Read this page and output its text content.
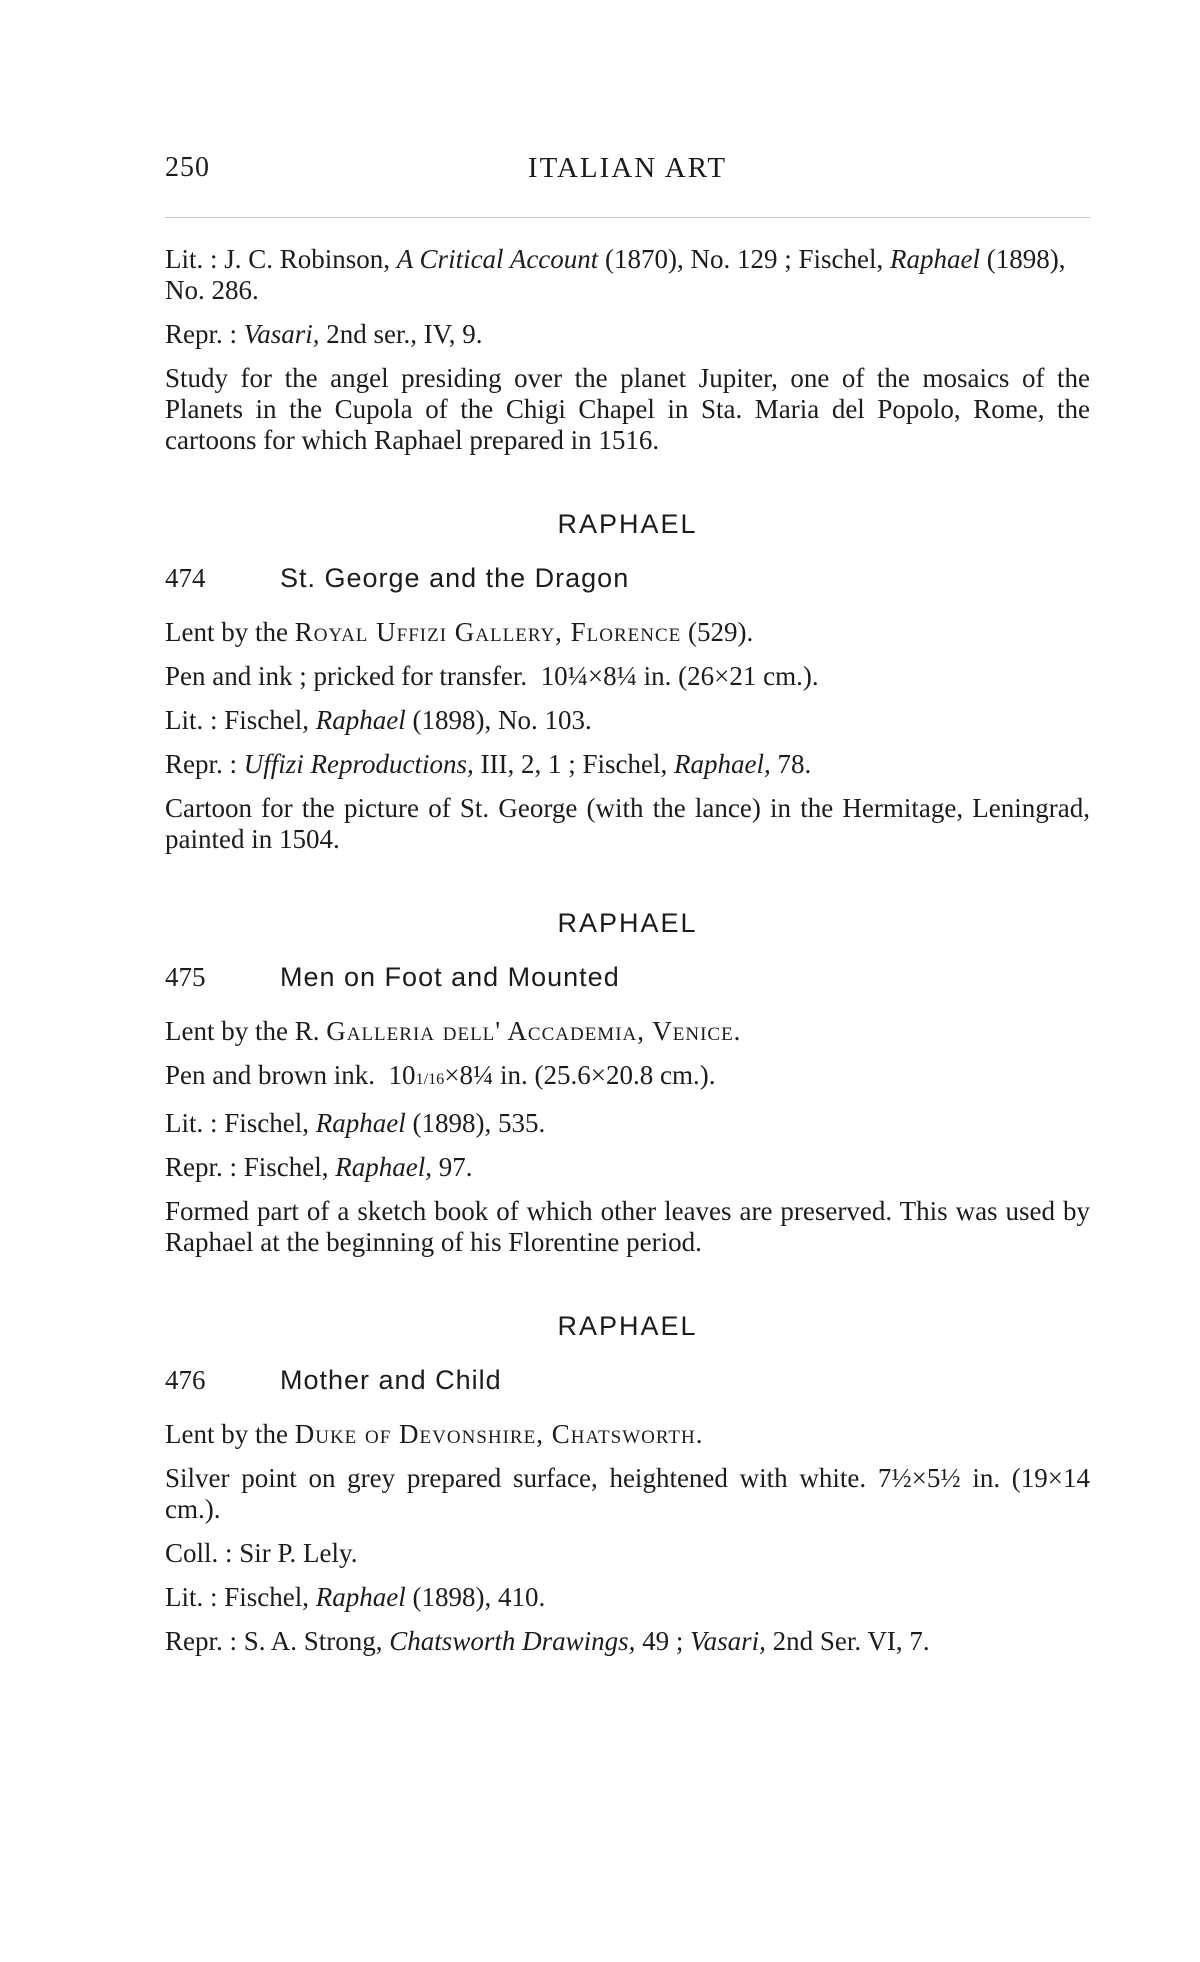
250	ITALIAN ART

Lit. : J. C. Robinson, A Critical Account (1870), No. 129 ; Fischel, Raphael (1898), No. 286.

Repr. : Vasari, 2nd ser., IV, 9.

Study for the angel presiding over the planet Jupiter, one of the mosaics of the Planets in the Cupola of the Chigi Chapel in Sta. Maria del Popolo, Rome, the cartoons for which Raphael prepared in 1516.

RAPHAEL
474	St. George and the Dragon

Lent by the Royal Uffizi Gallery, Florence (529).

Pen and ink ; pricked for transfer. 10¼×8¼ in. (26×21 cm.).

Lit. : Fischel, Raphael (1898), No. 103.

Repr. : Uffizi Reproductions, III, 2, 1 ; Fischel, Raphael, 78.

Cartoon for the picture of St. George (with the lance) in the Hermitage, Leningrad, painted in 1504.

RAPHAEL
475	Men on Foot and Mounted

Lent by the R. Galleria dell' Accademia, Venice.

Pen and brown ink. 101/16×8¼ in. (25.6×20.8 cm.).

Lit. : Fischel, Raphael (1898), 535.

Repr. : Fischel, Raphael, 97.

Formed part of a sketch book of which other leaves are preserved. This was used by Raphael at the beginning of his Florentine period.

RAPHAEL
476	Mother and Child

Lent by the Duke of Devonshire, Chatsworth.

Silver point on grey prepared surface, heightened with white. 7½×5½ in. (19×14 cm.).

Coll. : Sir P. Lely.

Lit. : Fischel, Raphael (1898), 410.

Repr. : S. A. Strong, Chatsworth Drawings, 49 ; Vasari, 2nd Ser. VI, 7.
